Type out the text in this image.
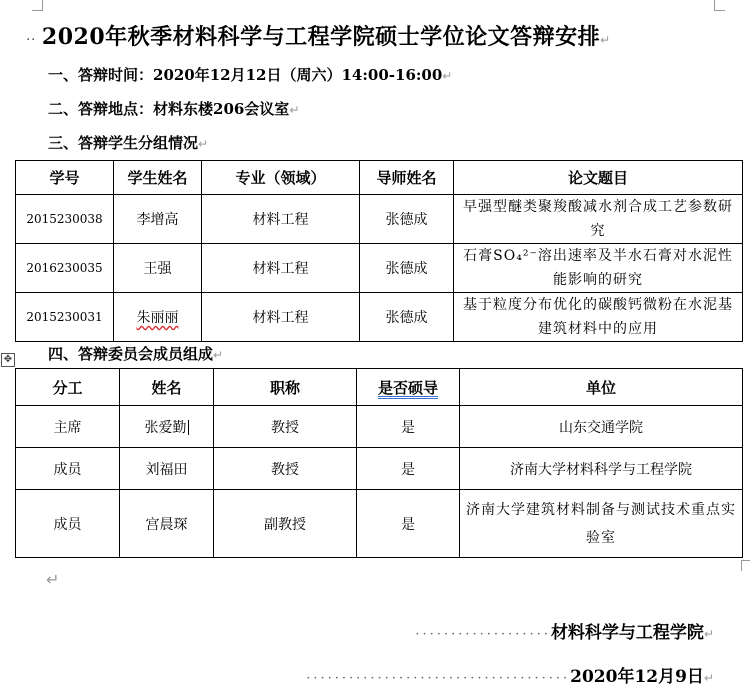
·· 2020年秋季材料科学与工程学院硕士学位论文答辩安排↵
一、答辩时间：2020年12月12日（周六）14:00-16:00↵
二、答辩地点：材料东楼206会议室↵
三、答辩学生分组情况↵
学号	学生姓名	专业（领域）	导师姓名	论文题目
2015230038	李增高	材料工程	张德成	早强型醚类聚羧酸减水剂合成工艺参数研究
2016230035	王强	材料工程	张德成	石膏SO₄²⁻溶出速率及半水石膏对水泥性能影响的研究
2015230031	朱丽丽	材料工程	张德成	基于粒度分布优化的碳酸钙微粉在水泥基建筑材料中的应用
✥ 四、答辩委员会成员组成↵
分工	姓名	职称	是否硕导	单位
主席	张爱勤	教授	是	山东交通学院
成员	刘福田	教授	是	济南大学材料科学与工程学院
成员	宫晨琛	副教授	是	济南大学建筑材料制备与测试技术重点实验室
↵
···················材料科学与工程学院↵
·····································2020年12月9日↵
